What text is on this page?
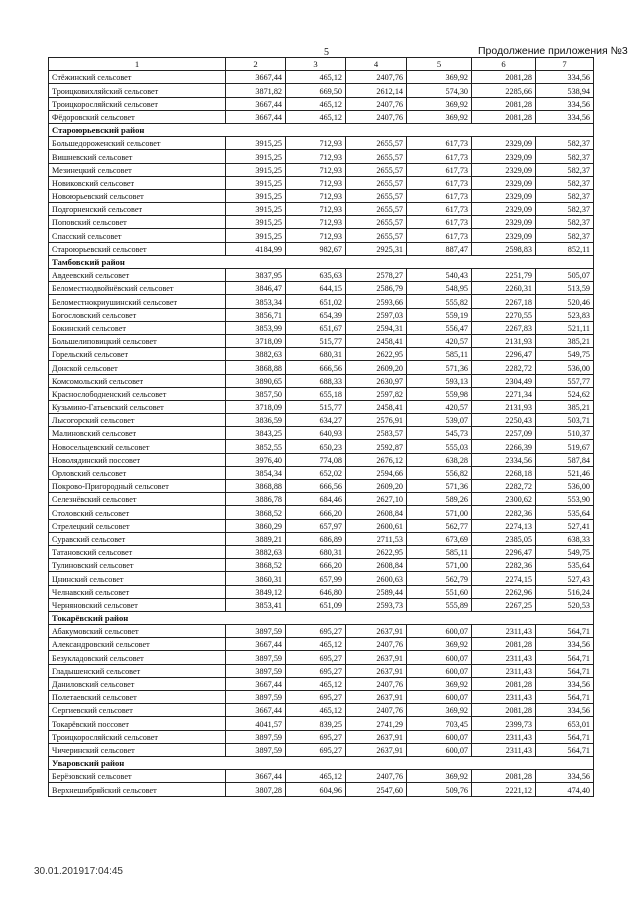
5	Продолжение приложения №3
1	2	3	4	5	6	7
Стёжинский сельсовет	3667,44	465,12	2407,76	369,92	2081,28	334,56
Троицковихляйский сельсовет	3871,82	669,50	2612,14	574,30	2285,66	538,94
Троицкоросляйский сельсовет	3667,44	465,12	2407,76	369,92	2081,28	334,56
Фёдоровский сельсовет	3667,44	465,12	2407,76	369,92	2081,28	334,56
Староюрьевский район						
Большедороженский сельсовет	3915,25	712,93	2655,57	617,73	2329,09	582,37
Вишневский сельсовет	3915,25	712,93	2655,57	617,73	2329,09	582,37
Мезинецкий сельсовет	3915,25	712,93	2655,57	617,73	2329,09	582,37
Новиковский сельсовет	3915,25	712,93	2655,57	617,73	2329,09	582,37
Новоюрьевский сельсовет	3915,25	712,93	2655,57	617,73	2329,09	582,37
Подгорненский сельсовет	3915,25	712,93	2655,57	617,73	2329,09	582,37
Поповский сельсовет	3915,25	712,93	2655,57	617,73	2329,09	582,37
Спасский сельсовет	3915,25	712,93	2655,57	617,73	2329,09	582,37
Староюрьевский сельсовет	4184,99	982,67	2925,31	887,47	2598,83	852,11
Тамбовский район						
Авдеевский сельсовет	3837,95	635,63	2578,27	540,43	2251,79	505,07
Беломестнодвойнёвский сельсовет	3846,47	644,15	2586,79	548,95	2260,31	513,59
Беломестнокриушинский сельсовет	3853,34	651,02	2593,66	555,82	2267,18	520,46
Богословский сельсовет	3856,71	654,39	2597,03	559,19	2270,55	523,83
Бокинский сельсовет	3853,99	651,67	2594,31	556,47	2267,83	521,11
Большелиповицкий сельсовет	3718,09	515,77	2458,41	420,57	2131,93	385,21
Горельский сельсовет	3882,63	680,31	2622,95	585,11	2296,47	549,75
Донской сельсовет	3868,88	666,56	2609,20	571,36	2282,72	536,00
Комсомольский сельсовет	3890,65	688,33	2630,97	593,13	2304,49	557,77
Краснослободненский сельсовет	3857,50	655,18	2597,82	559,98	2271,34	524,62
Кузьмино-Гатьевский сельсовет	3718,09	515,77	2458,41	420,57	2131,93	385,21
Лысогорский сельсовет	3836,59	634,27	2576,91	539,07	2250,43	503,71
Малиновский сельсовет	3843,25	640,93	2583,57	545,73	2257,09	510,37
Новосельцевский сельсовет	3852,55	650,23	2592,87	555,03	2266,39	519,67
Новолядинский поссовет	3976,40	774,08	2676,12	638,28	2334,56	587,84
Орловский сельсовет	3854,34	652,02	2594,66	556,82	2268,18	521,46
Покрово-Пригородный сельсовет	3868,88	666,56	2609,20	571,36	2282,72	536,00
Селезнёвский сельсовет	3886,78	684,46	2627,10	589,26	2300,62	553,90
Столовский сельсовет	3868,52	666,20	2608,84	571,00	2282,36	535,64
Стрелецкий сельсовет	3860,29	657,97	2600,61	562,77	2274,13	527,41
Суравский сельсовет	3889,21	686,89	2711,53	673,69	2385,05	638,33
Татановский сельсовет	3882,63	680,31	2622,95	585,11	2296,47	549,75
Тулиновский сельсовет	3868,52	666,20	2608,84	571,00	2282,36	535,64
Цнинский сельсовет	3860,31	657,99	2600,63	562,79	2274,15	527,43
Челнавский сельсовет	3849,12	646,80	2589,44	551,60	2262,96	516,24
Черняновский сельсовет	3853,41	651,09	2593,73	555,89	2267,25	520,53
Токарёвский район						
Абакумовский сельсовет	3897,59	695,27	2637,91	600,07	2311,43	564,71
Александровский сельсовет	3667,44	465,12	2407,76	369,92	2081,28	334,56
Безукладовский сельсовет	3897,59	695,27	2637,91	600,07	2311,43	564,71
Гладышенский сельсовет	3897,59	695,27	2637,91	600,07	2311,43	564,71
Даниловский сельсовет	3667,44	465,12	2407,76	369,92	2081,28	334,56
Полетаевский сельсовет	3897,59	695,27	2637,91	600,07	2311,43	564,71
Сергиевский сельсовет	3667,44	465,12	2407,76	369,92	2081,28	334,56
Токарёвский поссовет	4041,57	839,25	2741,29	703,45	2399,73	653,01
Троицкоросляйский сельсовет	3897,59	695,27	2637,91	600,07	2311,43	564,71
Чичеринский сельсовет	3897,59	695,27	2637,91	600,07	2311,43	564,71
Уваровский район						
Берёзовский сельсовет	3667,44	465,12	2407,76	369,92	2081,28	334,56
Верхнешибряйский сельсовет	3807,28	604,96	2547,60	509,76	2221,12	474,40
30.01.201917:04:45
